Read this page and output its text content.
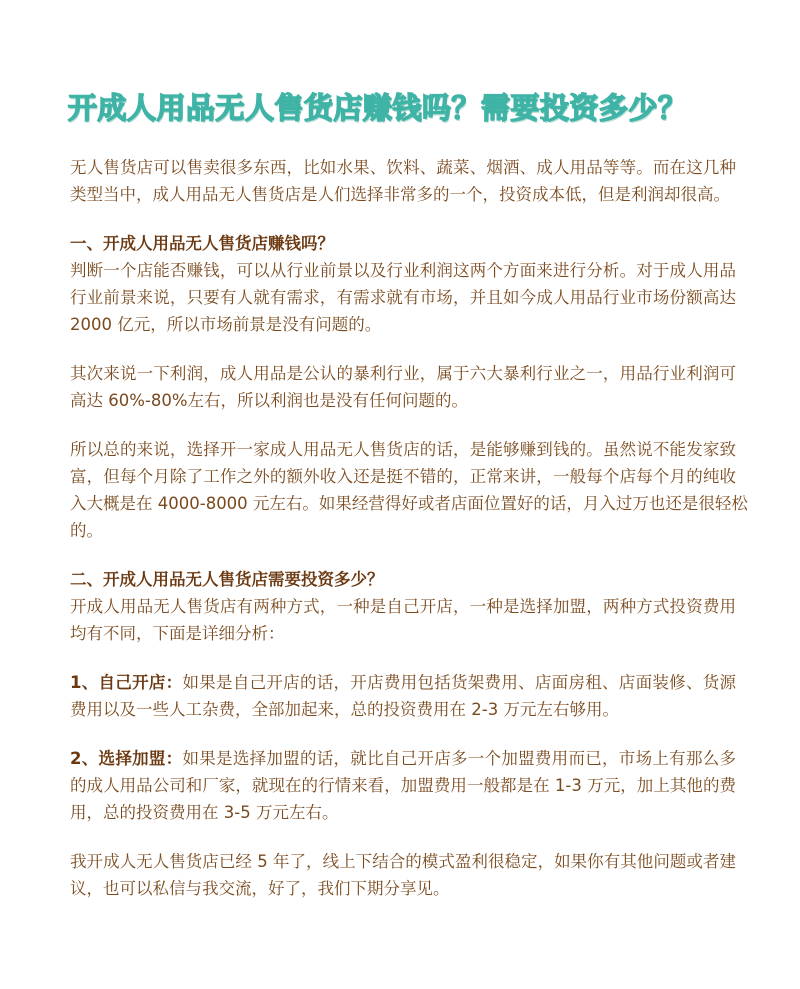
开成人用品无人售货店赚钱吗？需要投资多少？
无人售货店可以售卖很多东西，比如水果、饮料、蔬菜、烟酒、成人用品等等。而在这几种
类型当中，成人用品无人售货店是人们选择非常多的一个，投资成本低，但是利润却很高。
一、开成人用品无人售货店赚钱吗？
判断一个店能否赚钱，可以从行业前景以及行业利润这两个方面来进行分析。对于成人用品
行业前景来说，只要有人就有需求，有需求就有市场，并且如今成人用品行业市场份额高达
2000 亿元，所以市场前景是没有问题的。
其次来说一下利润，成人用品是公认的暴利行业，属于六大暴利行业之一，用品行业利润可
高达 60%-80%左右，所以利润也是没有任何问题的。
所以总的来说，选择开一家成人用品无人售货店的话，是能够赚到钱的。虽然说不能发家致
富，但每个月除了工作之外的额外收入还是挺不错的，正常来讲，一般每个店每个月的纯收
入大概是在 4000-8000 元左右。如果经营得好或者店面位置好的话，月入过万也还是很轻松
的。
二、开成人用品无人售货店需要投资多少？
开成人用品无人售货店有两种方式，一种是自己开店，一种是选择加盟，两种方式投资费用
均有不同，下面是详细分析：
1、自己开店：如果是自己开店的话，开店费用包括货架费用、店面房租、店面装修、货源
费用以及一些人工杂费，全部加起来，总的投资费用在 2-3 万元左右够用。
2、选择加盟：如果是选择加盟的话，就比自己开店多一个加盟费用而已，市场上有那么多
的成人用品公司和厂家，就现在的行情来看，加盟费用一般都是在 1-3 万元，加上其他的费
用，总的投资费用在 3-5 万元左右。
我开成人无人售货店已经 5 年了，线上下结合的模式盈利很稳定，如果你有其他问题或者建
议，也可以私信与我交流，好了，我们下期分享见。
